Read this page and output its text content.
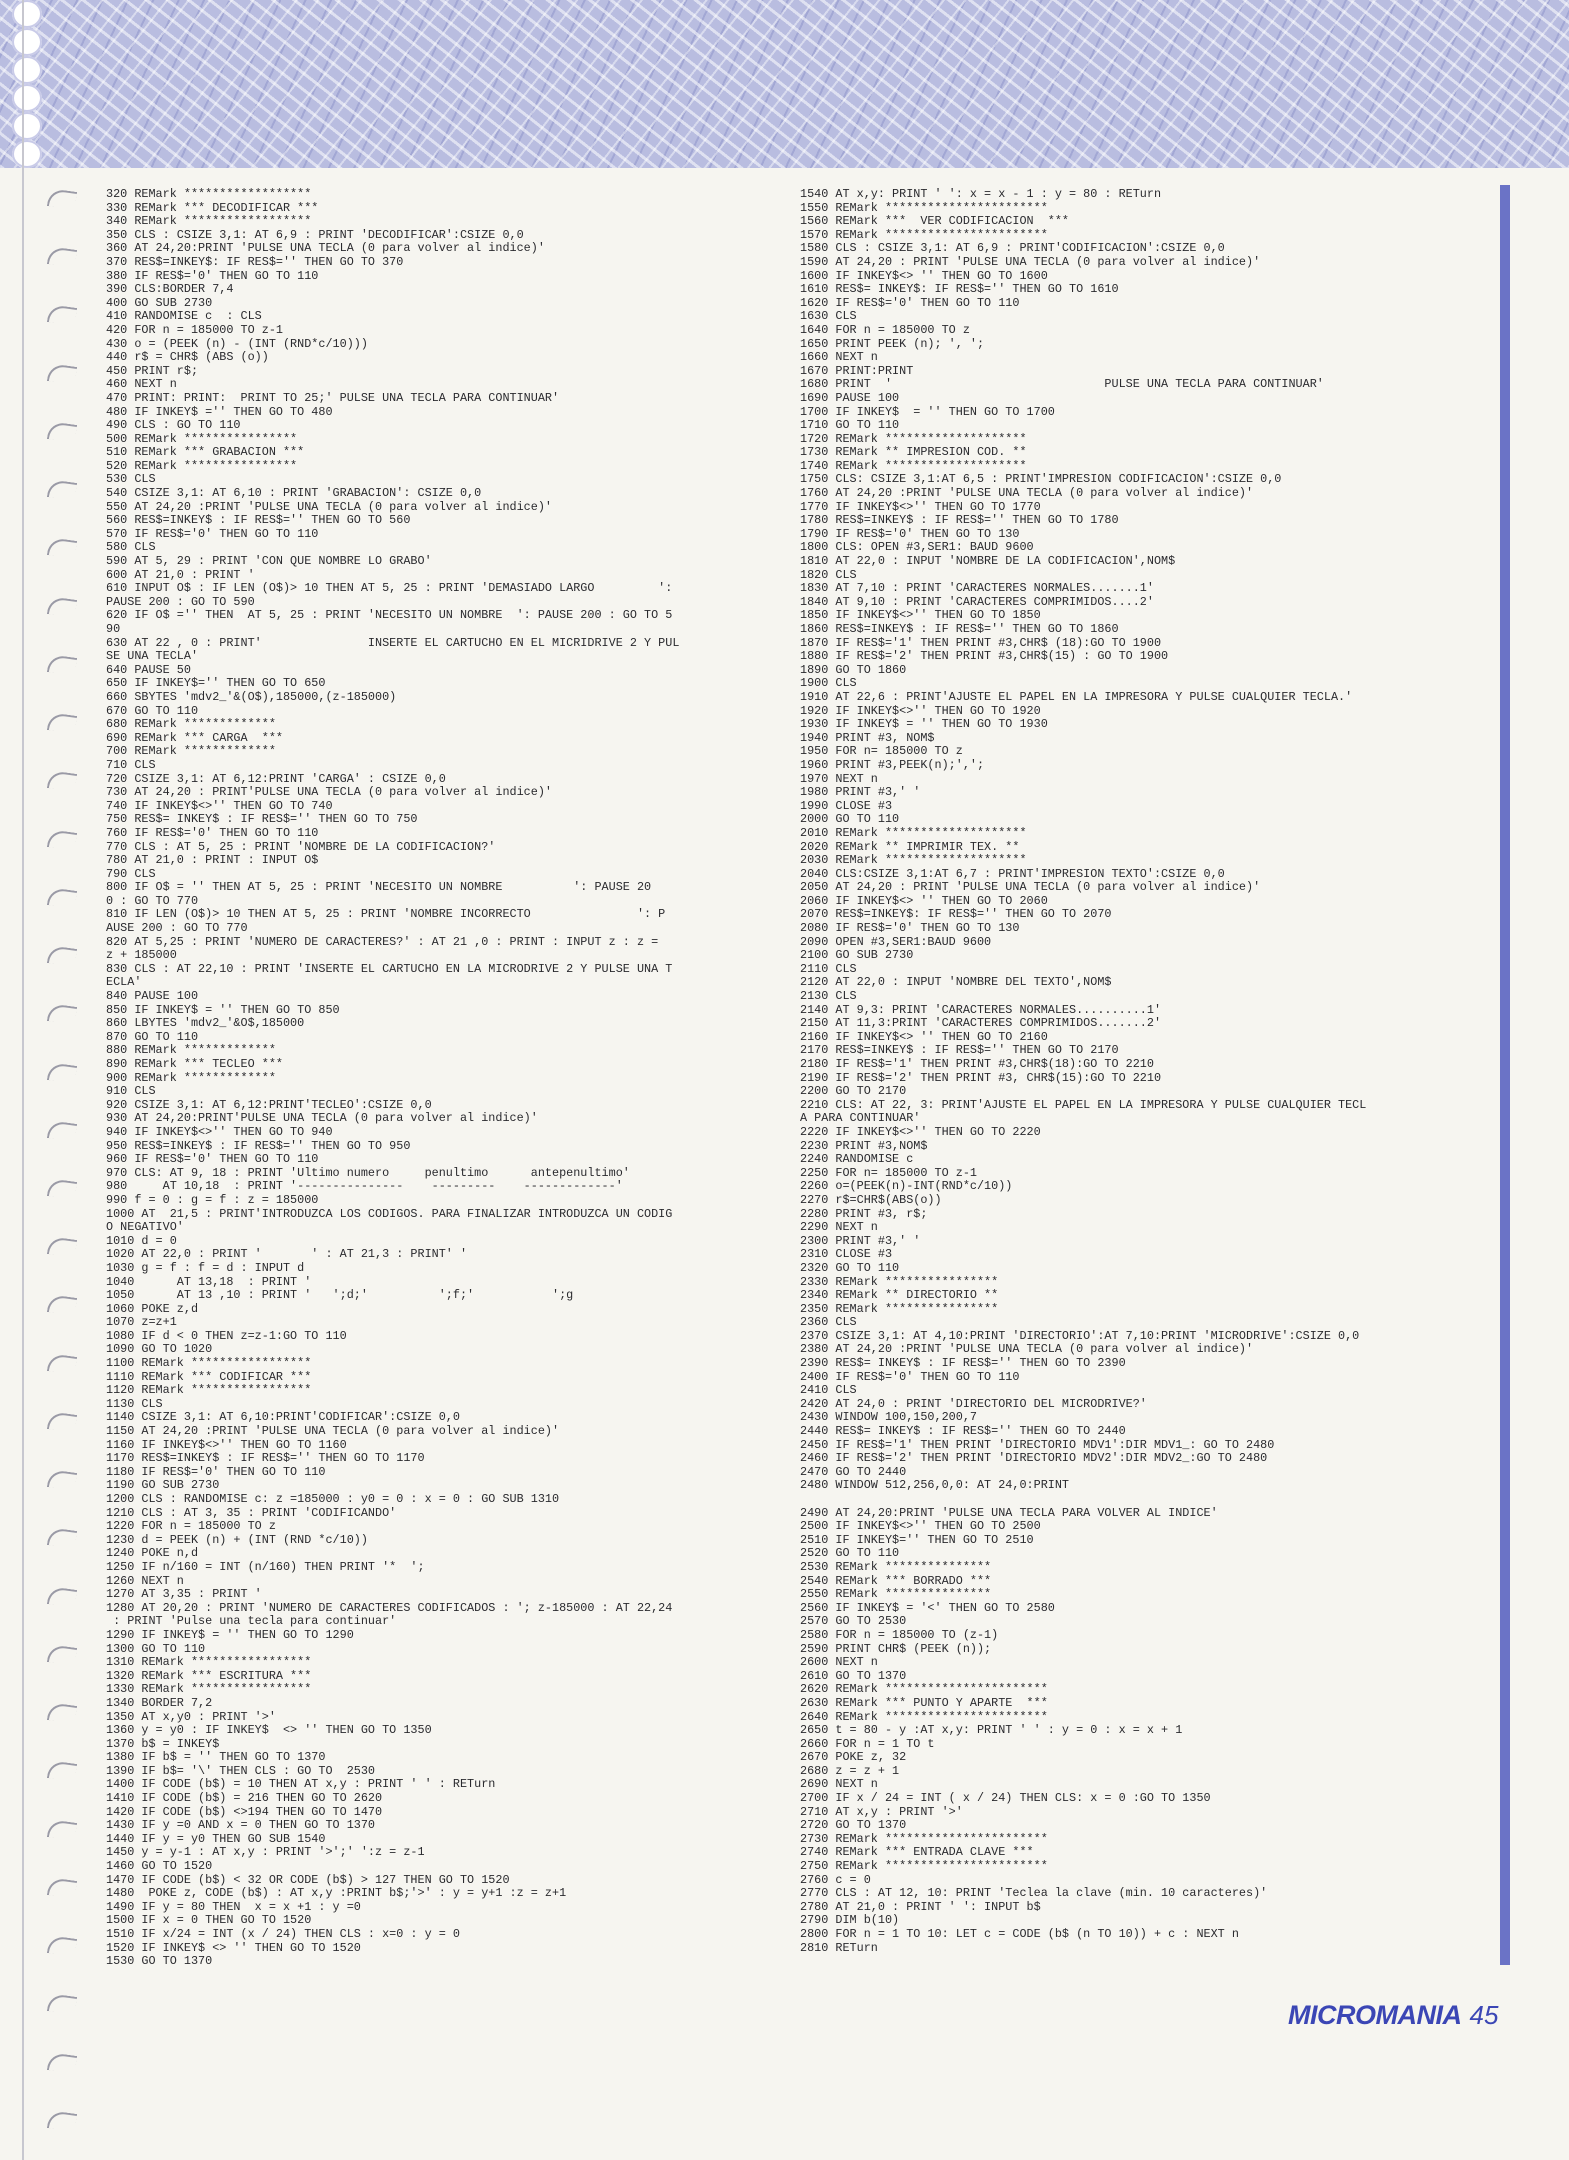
320 REMark ******************
330 REMark *** DECODIFICAR ***
340 REMark ******************
350 CLS : CSIZE 3,1: AT 6,9 : PRINT 'DECODIFICAR':CSIZE 0,0
360 AT 24,20:PRINT 'PULSE UNA TECLA (0 para volver al indice)'
370 RES$=INKEY$: IF RES$='' THEN GO TO 370
380 IF RES$='0' THEN GO TO 110
390 CLS:BORDER 7,4
400 GO SUB 2730
410 RANDOMISE c  : CLS
420 FOR n = 185000 TO z-1
430 o = (PEEK (n) - (INT (RND*c/10)))
440 r$ = CHR$ (ABS (o))
450 PRINT r$;
460 NEXT n
470 PRINT: PRINT:  PRINT TO 25;' PULSE UNA TECLA PARA CONTINUAR'
480 IF INKEY$ ='' THEN GO TO 480
490 CLS : GO TO 110
500 REMark ****************
510 REMark *** GRABACION ***
520 REMark ****************
530 CLS
540 CSIZE 3,1: AT 6,10 : PRINT 'GRABACION': CSIZE 0,0
550 AT 24,20 :PRINT 'PULSE UNA TECLA (0 para volver al indice)'
560 RES$=INKEY$ : IF RES$='' THEN GO TO 560
570 IF RES$='0' THEN GO TO 110
580 CLS
590 AT 5, 29 : PRINT 'CON QUE NOMBRE LO GRABO'
600 AT 21,0 : PRINT '
610 INPUT O$ : IF LEN (O$)> 10 THEN AT 5, 25 : PRINT 'DEMASIADO LARGO         ':
PAUSE 200 : GO TO 590
620 IF O$ ='' THEN  AT 5, 25 : PRINT 'NECESITO UN NOMBRE  ': PAUSE 200 : GO TO 5
90
630 AT 22 , 0 : PRINT'               INSERTE EL CARTUCHO EN EL MICRIDRIVE 2 Y PUL
SE UNA TECLA'
640 PAUSE 50
650 IF INKEY$='' THEN GO TO 650
660 SBYTES 'mdv2_'&(O$),185000,(z-185000)
670 GO TO 110
680 REMark *************
690 REMark *** CARGA  ***
700 REMark *************
710 CLS
720 CSIZE 3,1: AT 6,12:PRINT 'CARGA' : CSIZE 0,0
730 AT 24,20 : PRINT'PULSE UNA TECLA (0 para volver al indice)'
740 IF INKEY$<>'' THEN GO TO 740
750 RES$= INKEY$ : IF RES$='' THEN GO TO 750
760 IF RES$='0' THEN GO TO 110
770 CLS : AT 5, 25 : PRINT 'NOMBRE DE LA CODIFICACION?'
780 AT 21,0 : PRINT : INPUT O$
790 CLS
800 IF O$ = '' THEN AT 5, 25 : PRINT 'NECESITO UN NOMBRE          ': PAUSE 20
0 : GO TO 770
810 IF LEN (O$)> 10 THEN AT 5, 25 : PRINT 'NOMBRE INCORRECTO               ': P
AUSE 200 : GO TO 770
820 AT 5,25 : PRINT 'NUMERO DE CARACTERES?' : AT 21 ,0 : PRINT : INPUT z : z =
z + 185000
830 CLS : AT 22,10 : PRINT 'INSERTE EL CARTUCHO EN LA MICRODRIVE 2 Y PULSE UNA T
ECLA'
840 PAUSE 100
850 IF INKEY$ = '' THEN GO TO 850
860 LBYTES 'mdv2_'&O$,185000
870 GO TO 110
880 REMark *************
890 REMark *** TECLEO ***
900 REMark *************
910 CLS
920 CSIZE 3,1: AT 6,12:PRINT'TECLEO':CSIZE 0,0
930 AT 24,20:PRINT'PULSE UNA TECLA (0 para volver al indice)'
940 IF INKEY$<>'' THEN GO TO 940
950 RES$=INKEY$ : IF RES$='' THEN GO TO 950
960 IF RES$='0' THEN GO TO 110
970 CLS: AT 9, 18 : PRINT 'Ultimo numero     penultimo      antepenultimo'
980     AT 10,18  : PRINT '---------------    ---------    -------------'
990 f = 0 : g = f : z = 185000
1000 AT  21,5 : PRINT'INTRODUZCA LOS CODIGOS. PARA FINALIZAR INTRODUZCA UN CODIG
O NEGATIVO'
1010 d = 0
1020 AT 22,0 : PRINT '       ' : AT 21,3 : PRINT' '
1030 g = f : f = d : INPUT d
1040      AT 13,18  : PRINT '
1050      AT 13 ,10 : PRINT '   ';d;'          ';f;'           ';g
1060 POKE z,d
1070 z=z+1
1080 IF d < 0 THEN z=z-1:GO TO 110
1090 GO TO 1020
1100 REMark *****************
1110 REMark *** CODIFICAR ***
1120 REMark *****************
1130 CLS
1140 CSIZE 3,1: AT 6,10:PRINT'CODIFICAR':CSIZE 0,0
1150 AT 24,20 :PRINT 'PULSE UNA TECLA (0 para volver al indice)'
1160 IF INKEY$<>'' THEN GO TO 1160
1170 RES$=INKEY$ : IF RES$='' THEN GO TO 1170
1180 IF RES$='0' THEN GO TO 110
1190 GO SUB 2730
1200 CLS : RANDOMISE c: z =185000 : y0 = 0 : x = 0 : GO SUB 1310
1210 CLS : AT 3, 35 : PRINT 'CODIFICANDO'
1220 FOR n = 185000 TO z
1230 d = PEEK (n) + (INT (RND *c/10))
1240 POKE n,d
1250 IF n/160 = INT (n/160) THEN PRINT '*  ';
1260 NEXT n
1270 AT 3,35 : PRINT '
1280 AT 20,20 : PRINT 'NUMERO DE CARACTERES CODIFICADOS : '; z-185000 : AT 22,24
: PRINT 'Pulse una tecla para continuar'
1290 IF INKEY$ = '' THEN GO TO 1290
1300 GO TO 110
1310 REMark *****************
1320 REMark *** ESCRITURA ***
1330 REMark *****************
1340 BORDER 7,2
1350 AT x,y0 : PRINT '>'
1360 y = y0 : IF INKEY$  <> '' THEN GO TO 1350
1370 b$ = INKEY$
1380 IF b$ = '' THEN GO TO 1370
1390 IF b$= '\' THEN CLS : GO TO  2530
1400 IF CODE (b$) = 10 THEN AT x,y : PRINT ' ' : RETurn
1410 IF CODE (b$) = 216 THEN GO TO 2620
1420 IF CODE (b$) <>194 THEN GO TO 1470
1430 IF y =0 AND x = 0 THEN GO TO 1370
1440 IF y = y0 THEN GO SUB 1540
1450 y = y-1 : AT x,y : PRINT '>';' ':z = z-1
1460 GO TO 1520
1470 IF CODE (b$) < 32 OR CODE (b$) > 127 THEN GO TO 1520
1480  POKE z, CODE (b$) : AT x,y :PRINT b$;'>' : y = y+1 :z = z+1
1490 IF y = 80 THEN  x = x +1 : y =0
1500 IF x = 0 THEN GO TO 1520
1510 IF x/24 = INT (x / 24) THEN CLS : x=0 : y = 0
1520 IF INKEY$ <> '' THEN GO TO 1520
1530 GO TO 1370
1540 AT x,y: PRINT ' ': x = x - 1 : y = 80 : RETurn
1550 REMark ***********************
1560 REMark ***  VER CODIFICACION  ***
1570 REMark ***********************
1580 CLS : CSIZE 3,1: AT 6,9 : PRINT'CODIFICACION':CSIZE 0,0
1590 AT 24,20 : PRINT 'PULSE UNA TECLA (0 para volver al indice)'
1600 IF INKEY$<> '' THEN GO TO 1600
1610 RES$= INKEY$: IF RES$='' THEN GO TO 1610
1620 IF RES$='0' THEN GO TO 110
1630 CLS
1640 FOR n = 185000 TO z
1650 PRINT PEEK (n); ', ';
1660 NEXT n
1670 PRINT:PRINT
1680 PRINT  '                              PULSE UNA TECLA PARA CONTINUAR'
1690 PAUSE 100
1700 IF INKEY$  = '' THEN GO TO 1700
1710 GO TO 110
1720 REMark ********************
1730 REMark ** IMPRESION COD. **
1740 REMark ********************
1750 CLS: CSIZE 3,1:AT 6,5 : PRINT'IMPRESION CODIFICACION':CSIZE 0,0
1760 AT 24,20 :PRINT 'PULSE UNA TECLA (0 para volver al indice)'
1770 IF INKEY$<>'' THEN GO TO 1770
1780 RES$=INKEY$ : IF RES$='' THEN GO TO 1780
1790 IF RES$='0' THEN GO TO 130
1800 CLS: OPEN #3,SER1: BAUD 9600
1810 AT 22,0 : INPUT 'NOMBRE DE LA CODIFICACION',NOM$
1820 CLS
1830 AT 7,10 : PRINT 'CARACTERES NORMALES.......1'
1840 AT 9,10 : PRINT 'CARACTERES COMPRIMIDOS....2'
1850 IF INKEY$<>'' THEN GO TO 1850
1860 RES$=INKEY$ : IF RES$='' THEN GO TO 1860
1870 IF RES$='1' THEN PRINT #3,CHR$ (18):GO TO 1900
1880 IF RES$='2' THEN PRINT #3,CHR$(15) : GO TO 1900
1890 GO TO 1860
1900 CLS
1910 AT 22,6 : PRINT'AJUSTE EL PAPEL EN LA IMPRESORA Y PULSE CUALQUIER TECLA.'
1920 IF INKEY$<>'' THEN GO TO 1920
1930 IF INKEY$ = '' THEN GO TO 1930
1940 PRINT #3, NOM$
1950 FOR n= 185000 TO z
1960 PRINT #3,PEEK(n);',';
1970 NEXT n
1980 PRINT #3,' '
1990 CLOSE #3
2000 GO TO 110
2010 REMark ********************
2020 REMark ** IMPRIMIR TEX. **
2030 REMark ********************
2040 CLS:CSIZE 3,1:AT 6,7 : PRINT'IMPRESION TEXTO':CSIZE 0,0
2050 AT 24,20 : PRINT 'PULSE UNA TECLA (0 para volver al indice)'
2060 IF INKEY$<> '' THEN GO TO 2060
2070 RES$=INKEY$: IF RES$='' THEN GO TO 2070
2080 IF RES$='0' THEN GO TO 130
2090 OPEN #3,SER1:BAUD 9600
2100 GO SUB 2730
2110 CLS
2120 AT 22,0 : INPUT 'NOMBRE DEL TEXTO',NOM$
2130 CLS
2140 AT 9,3: PRINT 'CARACTERES NORMALES..........1'
2150 AT 11,3:PRINT 'CARACTERES COMPRIMIDOS.......2'
2160 IF INKEY$<> '' THEN GO TO 2160
2170 RES$=INKEY$ : IF RES$='' THEN GO TO 2170
2180 IF RES$='1' THEN PRINT #3,CHR$(18):GO TO 2210
2190 IF RES$='2' THEN PRINT #3, CHR$(15):GO TO 2210
2200 GO TO 2170
2210 CLS: AT 22, 3: PRINT'AJUSTE EL PAPEL EN LA IMPRESORA Y PULSE CUALQUIER TECL
A PARA CONTINUAR'
2220 IF INKEY$<>'' THEN GO TO 2220
2230 PRINT #3,NOM$
2240 RANDOMISE c
2250 FOR n= 185000 TO z-1
2260 o=(PEEK(n)-INT(RND*c/10))
2270 r$=CHR$(ABS(o))
2280 PRINT #3, r$;
2290 NEXT n
2300 PRINT #3,' '
2310 CLOSE #3
2320 GO TO 110
2330 REMark ****************
2340 REMark ** DIRECTORIO **
2350 REMark ****************
2360 CLS
2370 CSIZE 3,1: AT 4,10:PRINT 'DIRECTORIO':AT 7,10:PRINT 'MICRODRIVE':CSIZE 0,0
2380 AT 24,20 :PRINT 'PULSE UNA TECLA (0 para volver al indice)'
2390 RES$= INKEY$ : IF RES$='' THEN GO TO 2390
2400 IF RES$='0' THEN GO TO 110
2410 CLS
2420 AT 24,0 : PRINT 'DIRECTORIO DEL MICRODRIVE?'
2430 WINDOW 100,150,200,7
2440 RES$= INKEY$ : IF RES$='' THEN GO TO 2440
2450 IF RES$='1' THEN PRINT 'DIRECTORIO MDV1':DIR MDV1_: GO TO 2480
2460 IF RES$='2' THEN PRINT 'DIRECTORIO MDV2':DIR MDV2_:GO TO 2480
2470 GO TO 2440
2480 WINDOW 512,256,0,0: AT 24,0:PRINT

2490 AT 24,20:PRINT 'PULSE UNA TECLA PARA VOLVER AL INDICE'
2500 IF INKEY$<>'' THEN GO TO 2500
2510 IF INKEY$='' THEN GO TO 2510
2520 GO TO 110
2530 REMark ***************
2540 REMark *** BORRADO ***
2550 REMark ***************
2560 IF INKEY$ = '<' THEN GO TO 2580
2570 GO TO 2530
2580 FOR n = 185000 TO (z-1)
2590 PRINT CHR$ (PEEK (n));
2600 NEXT n
2610 GO TO 1370
2620 REMark ***********************
2630 REMark *** PUNTO Y APARTE  ***
2640 REMark ***********************
2650 t = 80 - y :AT x,y: PRINT ' ' : y = 0 : x = x + 1
2660 FOR n = 1 TO t
2670 POKE z, 32
2680 z = z + 1
2690 NEXT n
2700 IF x / 24 = INT ( x / 24) THEN CLS: x = 0 :GO TO 1350
2710 AT x,y : PRINT '>'
2720 GO TO 1370
2730 REMark ***********************
2740 REMark *** ENTRADA CLAVE ***
2750 REMark ***********************
2760 c = 0
2770 CLS : AT 12, 10: PRINT 'Teclea la clave (min. 10 caracteres)'
2780 AT 21,0 : PRINT ' ': INPUT b$
2790 DIM b(10)
2800 FOR n = 1 TO 10: LET c = CODE (b$ (n TO 10)) + c : NEXT n
2810 RETurn
MICROMANIA 45
